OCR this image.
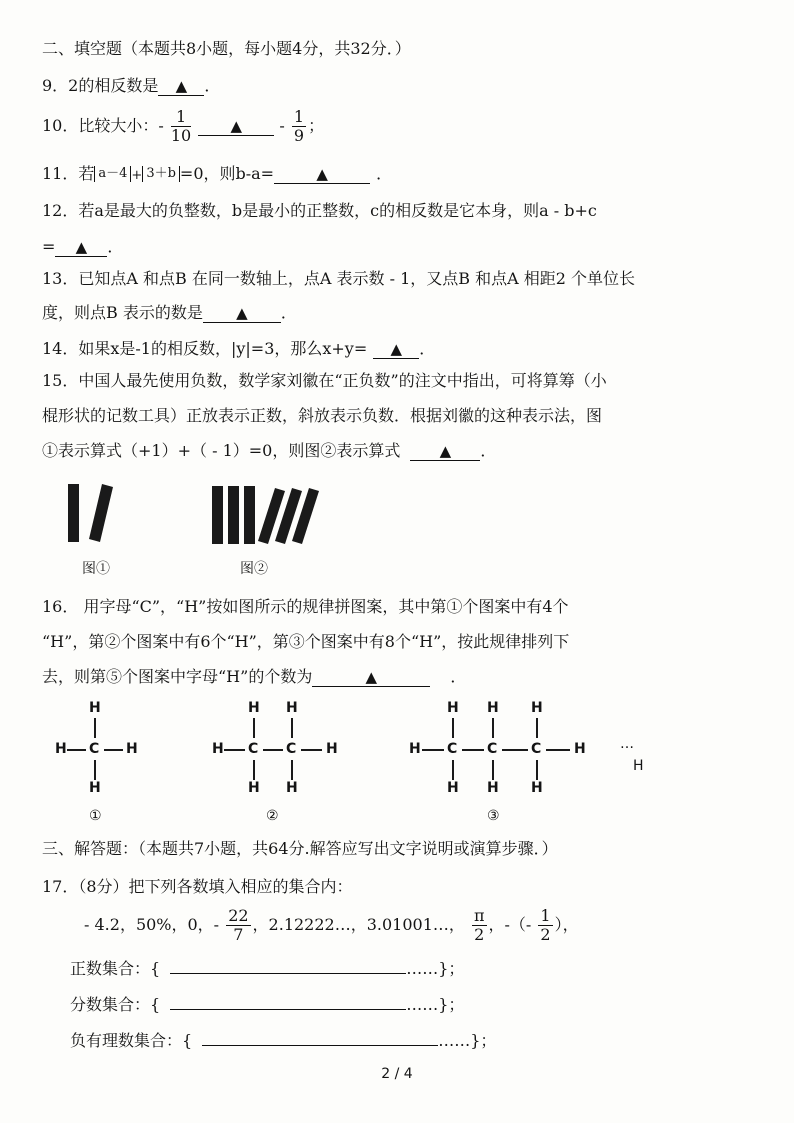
二、填空题（本题共8小题，每小题4分，共32分．）
9．2的相反数是 ▲ ．
10．比较大小：- $\frac{1}{10}$	▲ - $\frac{1}{9}$ ；
11．若 a－4 + 3＋b =0，则b-a=	▲	．
12．若a是最大的负整数，b是最小的正整数，c的相反数是它本身，则a - b+c
= ▲ ．
13．已知点A 和点B 在同一数轴上，点A 表示数 - 1，又点B 和点A 相距2 个单位长
度，则点B 表示的数是 ▲ ．
14．如果x是-1的相反数，|y|=3，那么x+y= ▲ ．
15．中国人最先使用负数，数学家刘徽在“正负数”的注文中指出，可将算筹（小
棍形状的记数工具）正放表示正数，斜放表示负数．根据刘徽的这种表示法，图
①表示算式（+1）+（ - 1）=0，则图②表示算式	▲ ．
图①	图②
16． 用字母“C”，“H”按如图所示的规律拼图案，其中第①个图案中有4个
“H”，第②个图案中有6个“H”，第③个图案中有8个“H”，按此规律排列下
去，则第⑤个图案中字母“H”的个数为	▲	．
H
H C H
H
H H
H C C H
H H
H H H
H C C C H
H H H
…
H
①	②	③
三、解答题：（本题共7小题，共64分.解答应写出文字说明或演算步骤．）
17．（8分）把下列各数填入相应的集合内：
- 4.2，50%，0，- $\frac{22}{7}$ ，2.12222…，3.01001…， $\frac{\pi}{2}$ ，-（- $\frac{1}{2}$ ），
正数集合：{	……}；
分数集合：{	……}；
负有理数集合：{	……}；
2 / 4
